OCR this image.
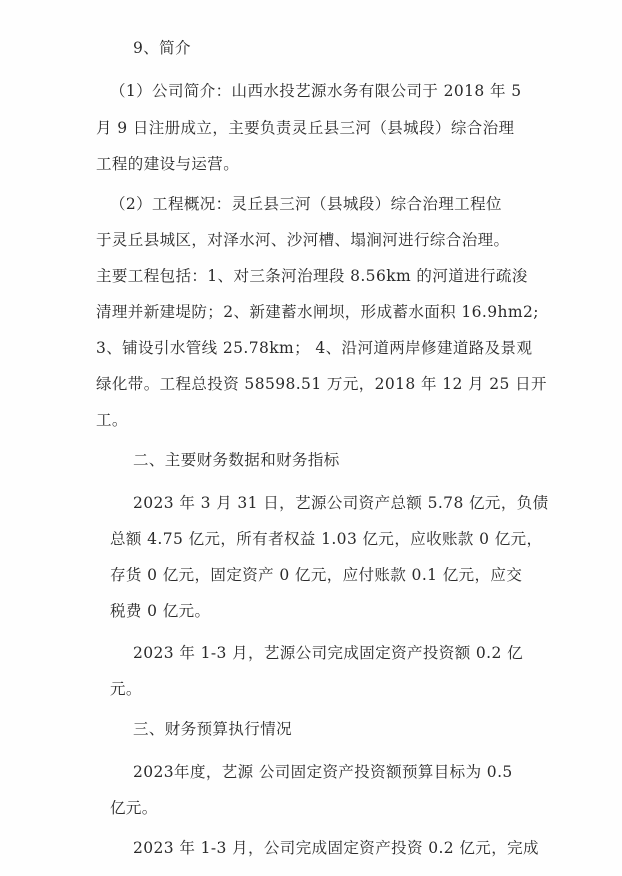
9、简介

（1）公司简介：山西水投艺源水务有限公司于 2018 年 5

月 9 日注册成立，主要负责灵丘县三河（县城段）综合治理

工程的建设与运营。

（2）工程概况：灵丘县三河（县城段）综合治理工程位

于灵丘县城区，对泽水河、沙河槽、塌涧河进行综合治理。

主要工程包括：1、对三条河治理段 8.56km 的河道进行疏浚

清理并新建堤防；2、新建蓄水闸坝，形成蓄水面积 16.9hm2;

3、铺设引水管线 25.78km； 4、沿河道两岸修建道路及景观

绿化带。工程总投资 58598.51 万元，2018 年 12 月 25 日开

工。

二、主要财务数据和财务指标

2023 年 3 月 31 日，艺源公司资产总额 5.78 亿元，负债

总额 4.75 亿元，所有者权益 1.03 亿元，应收账款 0 亿元，

存货 0 亿元，固定资产 0 亿元，应付账款 0.1 亿元，应交

税费 0 亿元。

2023 年 1-3 月，艺源公司完成固定资产投资额 0.2 亿

元。

三、财务预算执行情况

2023年度，艺源 公司固定资产投资额预算目标为 0.5

亿元。

2023 年 1-3 月，公司完成固定资产投资 0.2 亿元，完成
